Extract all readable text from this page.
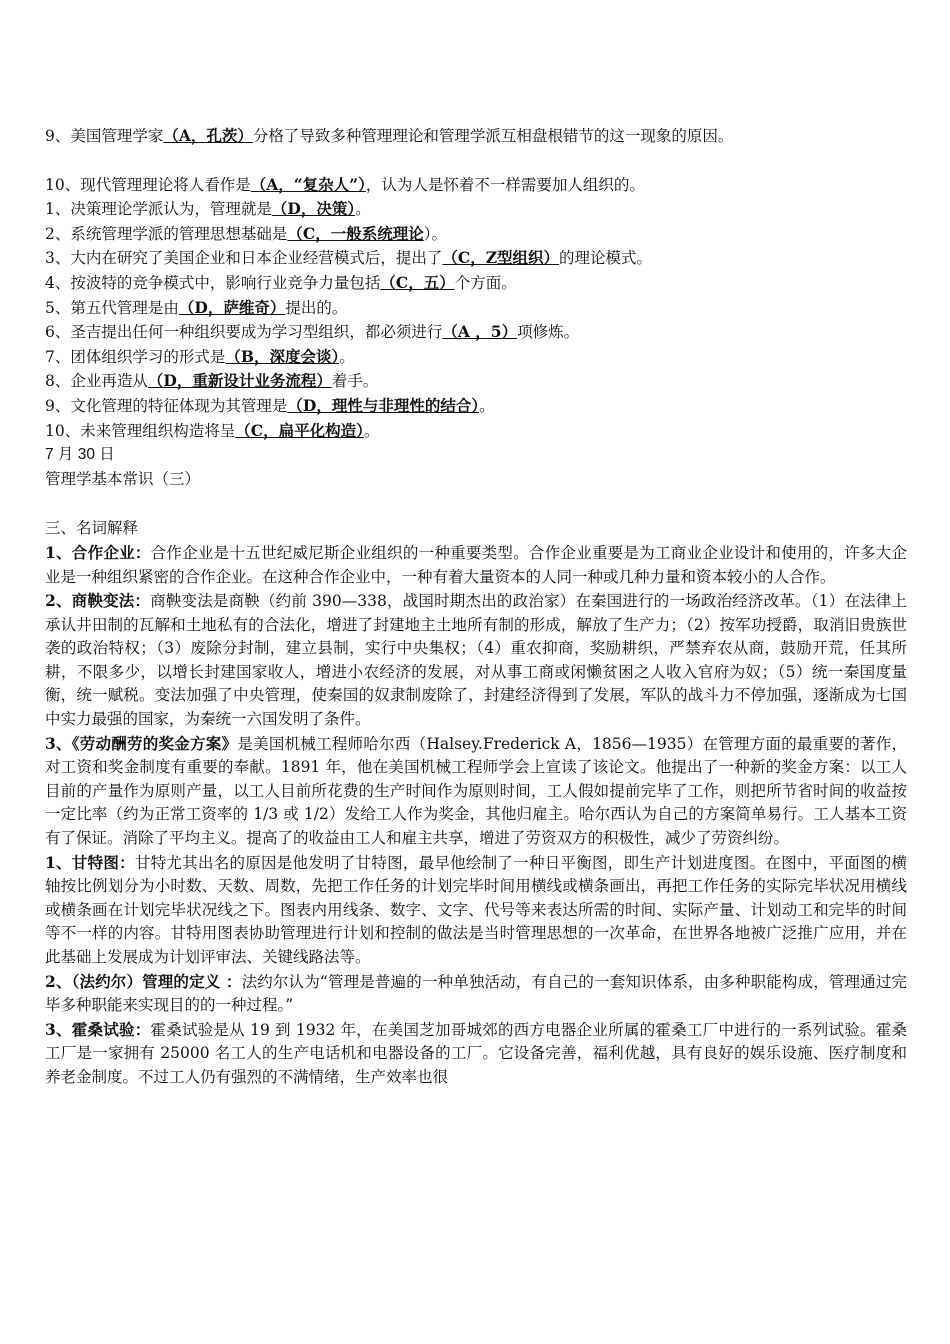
9、美国管理学家（A，孔茨）分格了导致多种管理理论和管理学派互相盘根错节的这一现象的原因。
10、现代管理理论将人看作是（A，“复杂人”），认为人是怀着不一样需要加人组织的。
1、决策理论学派认为，管理就是（D，决策）。
2、系统管理学派的管理思想基础是（C，一般系统理论）。
3、大内在研究了美国企业和日本企业经营模式后，提出了（C，Z型组织）的理论模式。
4、按波特的竞争模式中，影响行业竞争力量包括（C，五）个方面。
5、第五代管理是由（D，萨维奇）提出的。
6、圣吉提出任何一种组织要成为学习型组织，都必须进行（A ，5）项修炼。
7、团体组织学习的形式是（B，深度会谈）。
8、企业再造从（D，重新设计业务流程）着手。
9、文化管理的特征体现为其管理是（D，理性与非理性的结合）。
10、未来管理组织构造将呈（C，扁平化构造）。
7 月 30 日
管理学基本常识（三）
三、名词解释
1、合作企业：合作企业是十五世纪威尼斯企业组织的一种重要类型。合作企业重要是为工商业企业设计和使用的，许多大企业是一种组织紧密的合作企业。在这种合作企业中，一种有着大量资本的人同一种或几种力量和资本较小的人合作。
2、商鞅变法：商鞅变法是商鞅（约前 390—338，战国时期杰出的政治家）在秦国进行的一场政治经济改革。（1）在法律上承认井田制的瓦解和土地私有的合法化，增进了封建地主土地所有制的形成，解放了生产力；（2）按军功授爵，取消旧贵族世袭的政治特权；（3）废除分封制，建立县制，实行中央集权；（4）重农抑商，奖励耕织，严禁弃农从商，鼓励开荒，任其所耕，不限多少，以增长封建国家收人，增进小农经济的发展，对从事工商或闲懒贫困之人收入官府为奴；（5）统一秦国度量衡，统一赋税。变法加强了中央管理，使秦国的奴隶制废除了，封建经济得到了发展，军队的战斗力不停加强，逐渐成为七国中实力最强的国家，为秦统一六国发明了条件。
3、《劳动酬劳的奖金方案》是美国机械工程师哈尔西（Halsey.Frederick A，1856—1935）在管理方面的最重要的著作，对工资和奖金制度有重要的奉献。1891 年，他在美国机械工程师学会上宣读了该论文。他提出了一种新的奖金方案：以工人目前的产量作为原则产量，以工人目前所花费的生产时间作为原则时间，工人假如提前完毕了工作，则把所节省时间的收益按一定比率（约为正常工资率的 1/3 或 1/2）发给工人作为奖金，其他归雇主。哈尔西认为自己的方案简单易行。工人基本工资有了保证。消除了平均主义。提高了的收益由工人和雇主共享，增进了劳资双方的积极性，减少了劳资纠纷。
1、甘特图：甘特尤其出名的原因是他发明了甘特图，最早他绘制了一种日平衡图，即生产计划进度图。在图中，平面图的横轴按比例划分为小时数、天数、周数，先把工作任务的计划完毕时间用横线或横条画出，再把工作任务的实际完毕状况用横线或横条画在计划完毕状况线之下。图表内用线条、数字、文字、代号等来表达所需的时间、实际产量、计划动工和完毕的时间等不一样的内容。甘特用图表协助管理进行计划和控制的做法是当时管理思想的一次革命，在世界各地被广泛推广应用，并在此基础上发展成为计划评审法、关键线路法等。
2、（法约尔）管理的定义 ：法约尔认为“管理是普遍的一种单独活动，有自己的一套知识体系，由多种职能构成，管理通过完毕多种职能来实现目的的一种过程。”
3、霍桑试验：霍桑试验是从 19 到 1932 年，在美国芝加哥城郊的西方电器企业所属的霍桑工厂中进行的一系列试验。霍桑工厂是一家拥有 25000 名工人的生产电话机和电器设备的工厂。它设备完善，福利优越，具有良好的娱乐设施、医疗制度和养老金制度。不过工人仍有强烈的不满情绪，生产效率也很
